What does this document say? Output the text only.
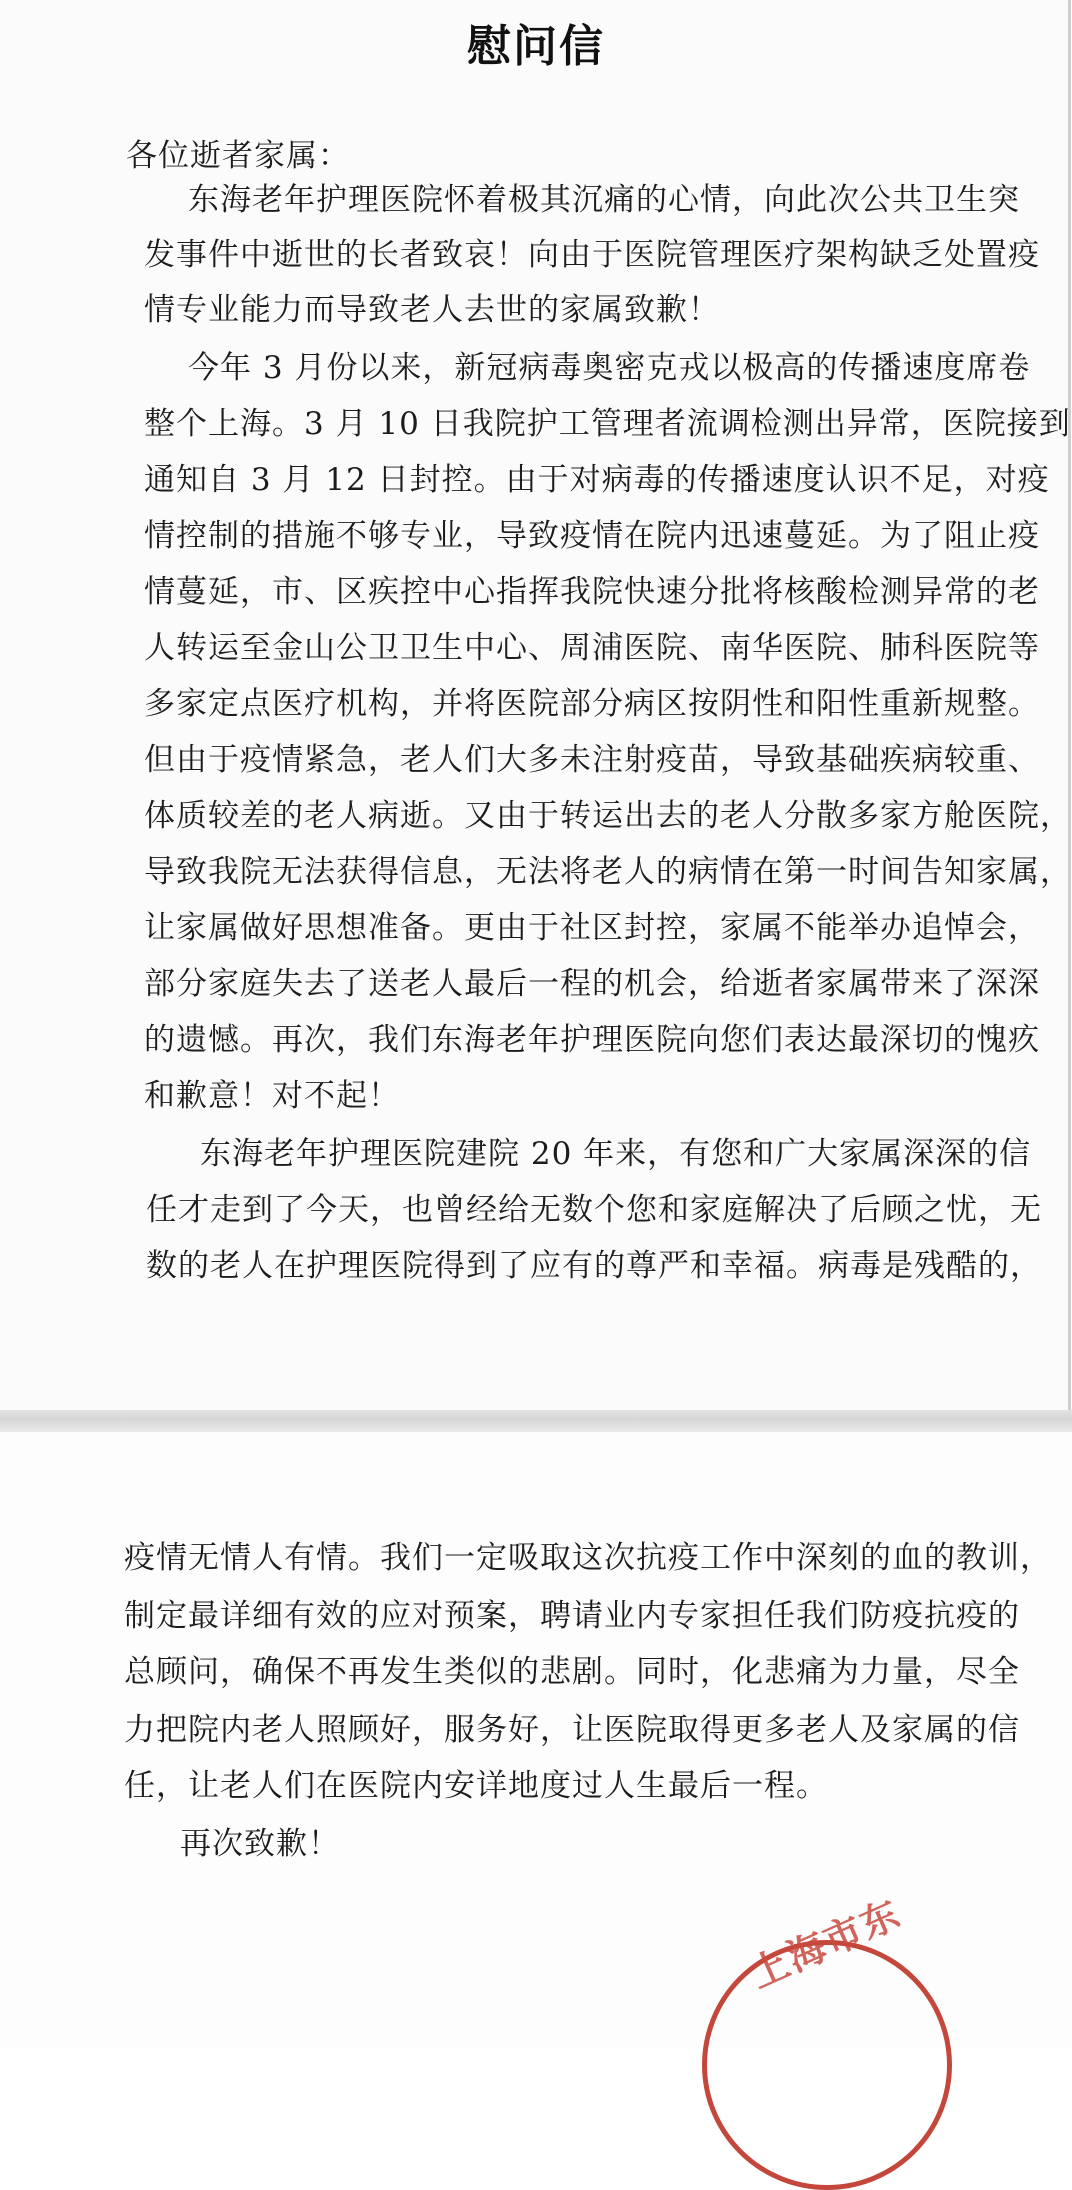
慰问信
各位逝者家属：
东海老年护理医院怀着极其沉痛的心情，向此次公共卫生突
发事件中逝世的长者致哀！向由于医院管理医疗架构缺乏处置疫
情专业能力而导致老人去世的家属致歉！
今年 3 月份以来，新冠病毒奥密克戎以极高的传播速度席卷
整个上海。3 月 10 日我院护工管理者流调检测出异常，医院接到
通知自 3 月 12 日封控。由于对病毒的传播速度认识不足，对疫
情控制的措施不够专业，导致疫情在院内迅速蔓延。为了阻止疫
情蔓延，市、区疾控中心指挥我院快速分批将核酸检测异常的老
人转运至金山公卫卫生中心、周浦医院、南华医院、肺科医院等
多家定点医疗机构，并将医院部分病区按阴性和阳性重新规整。
但由于疫情紧急，老人们大多未注射疫苗，导致基础疾病较重、
体质较差的老人病逝。又由于转运出去的老人分散多家方舱医院，
导致我院无法获得信息，无法将老人的病情在第一时间告知家属，
让家属做好思想准备。更由于社区封控，家属不能举办追悼会，
部分家庭失去了送老人最后一程的机会，给逝者家属带来了深深
的遗憾。再次，我们东海老年护理医院向您们表达最深切的愧疚
和歉意！对不起！
东海老年护理医院建院 20 年来，有您和广大家属深深的信
任才走到了今天，也曾经给无数个您和家庭解决了后顾之忧，无
数的老人在护理医院得到了应有的尊严和幸福。病毒是残酷的，
疫情无情人有情。我们一定吸取这次抗疫工作中深刻的血的教训，
制定最详细有效的应对预案，聘请业内专家担任我们防疫抗疫的
总顾问，确保不再发生类似的悲剧。同时，化悲痛为力量，尽全
力把院内老人照顾好，服务好，让医院取得更多老人及家属的信
任，让老人们在医院内安详地度过人生最后一程。
再次致歉！
上海市东
